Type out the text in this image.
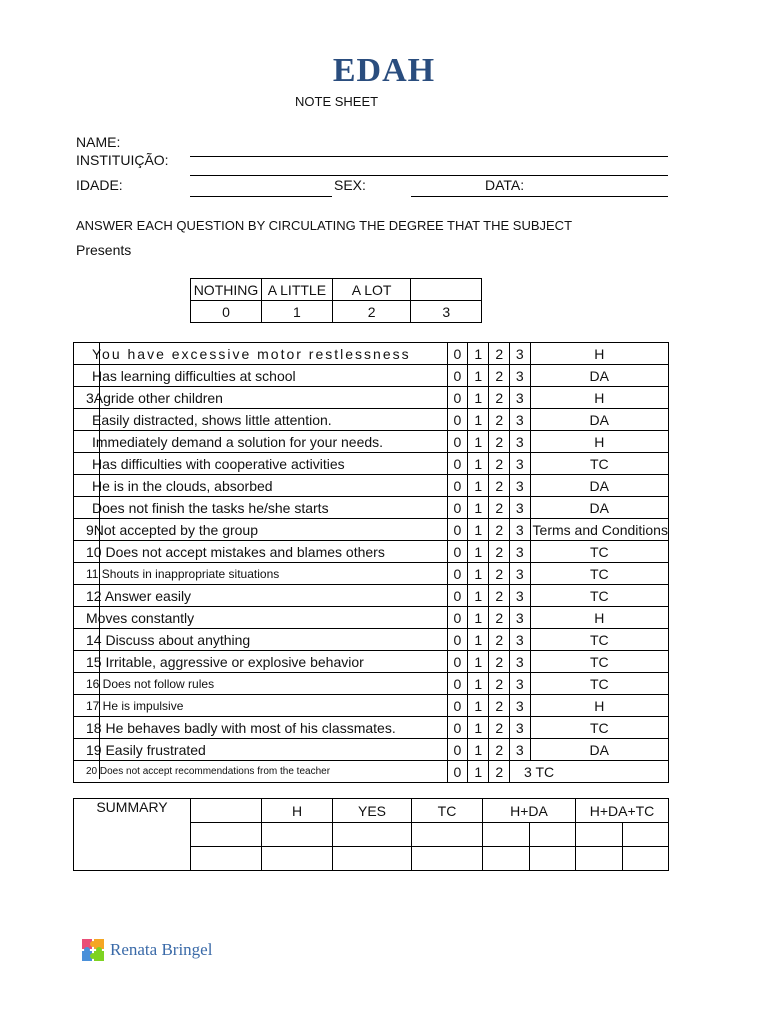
EDAH
NOTE SHEET
NAME:
INSTITUIÇÃO:
IDADE:	SEX:	DATA:
ANSWER EACH QUESTION BY CIRCULATING THE DEGREE THAT THE SUBJECT
Presents
NOTHING	A LITTLE	A LOT	
0	1	2	3
You have excessive motor restlessness	0	1	2	3	H
Has learning difficulties at school	0	1	2	3	DA
3Agride other children	0	1	2	3	H
Easily distracted, shows little attention.	0	1	2	3	DA
Immediately demand a solution for your needs.	0	1	2	3	H
Has difficulties with cooperative activities	0	1	2	3	TC
He is in the clouds, absorbed	0	1	2	3	DA
Does not finish the tasks he/she starts	0	1	2	3	DA
9Not accepted by the group	0	1	2	3	Terms and Conditions
10 Does not accept mistakes and blames others	0	1	2	3	TC
11 Shouts in inappropriate situations	0	1	2	3	TC
12 Answer easily	0	1	2	3	TC
Moves constantly	0	1	2	3	H
14 Discuss about anything	0	1	2	3	TC
15 Irritable, aggressive or explosive behavior	0	1	2	3	TC
16 Does not follow rules	0	1	2	3	TC
17 He is impulsive	0	1	2	3	H
18 He behaves badly with most of his classmates.	0	1	2	3	TC
19 Easily frustrated	0	1	2	3	DA
20 Does not accept recommendations from the teacher	0	1	2	3 TC	
SUMMARY		H	YES	TC	H+DA		H+DA+TC	

Renata Bringel
